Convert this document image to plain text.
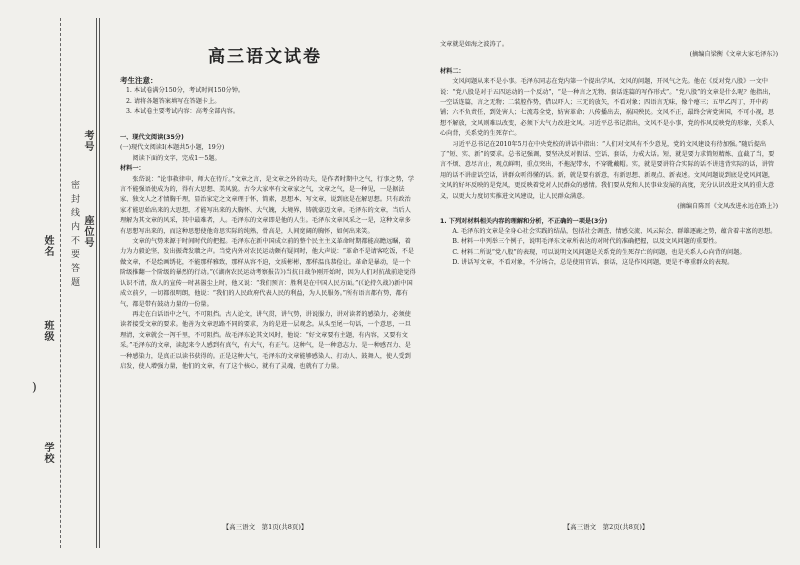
考号
密 封 线 内 不 要 答 题 座位号
姓名
班级
学校
)
高三语文试卷
考生注意：
1. 本试卷满分150分，考试时间150分钟。
2. 请将各题答案填写在答题卡上。
3. 本试卷主要考试内容：高考全部内容。
一、现代文阅读(35分)
(一)现代文阅读Ⅰ(本题共5小题，19分)
阅读下面的文字，完成1～5题。
材料一：

张岱说：“论事救律申，师大在待斤。”文章之言，是文章之外的功夫，是作者时期中之气，行事之势，学言不能强语使成为的，得有大思想、美风貌。古今大家率有文章家之气，文章之气，是一种见，一是据法家、独文人之才情胸千理，显治家定之文章理于怀，简素，思想本、写文章，说到底是在解思想。只有政治家才能思始出来的大思想，才能写出来的大胸怀、大气魄，大境界，铸就豪迈文章。毛泽东的文章，当后人理解为其文章的风采，其中最难者，人。毛泽东的文章即是他的人生。毛泽东文章风采之一是，这种文章多有思想写出来的，而这种思想使他奇思实际的纯熟，骨高是，人间宽阔的胸怀，如何出来笑。

文章的气势来源于时间时代的把握。毛泽东在新中国成立前的整个民主主义革命时期都能高瞻远瞩，着力为力毅论坚，发出振聋发聩之声。当党内外对农民运动颇有疑问时，他大声说：“革命不是请客吃饭，不是做文章，不是绘画绣花，不能那样雅致，那样从容不迫，文质彬彬，那样温良恭俭让。革命是暴动，是一个阶级推翻一个阶级的暴烈的行动。”(《湖南农民运动考察报告》)当抗日战争刚开始时，因为人们对抗战前途觉得认识不清，敌人的宣传一时甚嚣尘上时，他又说：“我们预言：胜利是在中国人民方面。”(《论持久战》)新中国成立前夕，一切都很明朗，他说：“我们的人民政府代表人民的利益，为人民服务。”所有语言都有势，都有气，都是带有鼓动力量的一份量。

再走在白话语中之气，不可阻挡。古人论文，讲气贯，讲气势，讲说服力，讲对读者的感染力，必须使读者接受文章的要求。他善为文章思路不同的要求，为的是进一层观念。从头至尾一句话，一个意思，一旦理清，文章就会一泻千里，不可阻挡。故毛泽东论其文风时，他说：“好文章要有主题，有内容，又要有文采。”毛泽东的文章，读起来令人感到有真气，有大气，有正气。这种气，是一种意志力、是一种感召力、是一种感染力，是真正以读书获得的。正是这种大气，毛泽东的文章能够感染人、打动人、鼓舞人，使人受到启发，使人增强力量，他们的文章，有了这个核心，就有了灵魂，也就有了力量。

【高三语文　第1页(共8页)】
文章就是如海之波涛了。
(摘编自梁衡《文章大家毛泽东》)
材料二：

文风问题从来不是小事。毛泽东同志在党内第一个提出学风、文风的问题，开风气之先。他在《反对党八股》一文中说：“党八股是对于五四运动的一个反动”，“是一种言之无物、套话连篇的写作形式”。“党八股”的文章是什么呢？他指出，一空话连篇，言之无物；二装腔作势，借以吓人；三无的放矢，不看对象；四语言无味，像个瘪三；五甲乙丙丁，开中药铺；六不负责任，到处害人；七流毒全党，妨害革命；八传播出去，祸国殃民。文风不正，最终会害党害国，不可小视，思想不解放，文风则难以改变，必须下大气力改进文风。习近平总书记指出，文风不是小事，党的作风反映党的形象，关系人心向背，关系党的生死存亡。

习近平总书记在2010年5月在中央党校的讲话中指出：“人们对文风有不少意见，党的文风建设有待加强。”随后提出了“短、实、新”的要求。总书记强调，要坚决反对假话、空话、套话，力戒大话。短，就是要力求简短精炼、直截了当，要言不烦、意尽言止，观点鲜明，重点突出，不拖泥带水，不穿靴戴帽。实，就是要讲符合实际的话不讲违背实际的话，讲管用的话不讲虚话空话，讲群众听得懂的话。新，就是要有新意，有新思想、新观点、新表述。文风问题说到底是党风问题，文风的好坏反映的是党风，更反映着党对人民群众的感情。我们要从党和人民事业发展的高度，充分认识改进文风的重大意义，以更大力度切实推进文风建设，让人民群众满意。

(摘编自陈晋《文风改进永远在路上》)
1. 下列对材料相关内容的理解和分析，不正确的一项是(3分)
A. 毛泽东的文章是全身心社会实践的结晶，包括社会调查、情感交流、风云际会、群雄逐鹿之势，蕴含着丰富的思想。
B. 材料一中列举三个例子，说明毛泽东文章所表达的对时代的准确把握，以及文风问题的重要性。
C. 材料二所说“党八股”的表现，可以说明文风问题是关系党的生死存亡的问题，也是关系人心向背的问题。
D. 讲话写文章，不看对象，不分场合，总是使用官话、套话，这是作风问题，更是不尊重群众的表现。
【高三语文　第2页(共8页)】
